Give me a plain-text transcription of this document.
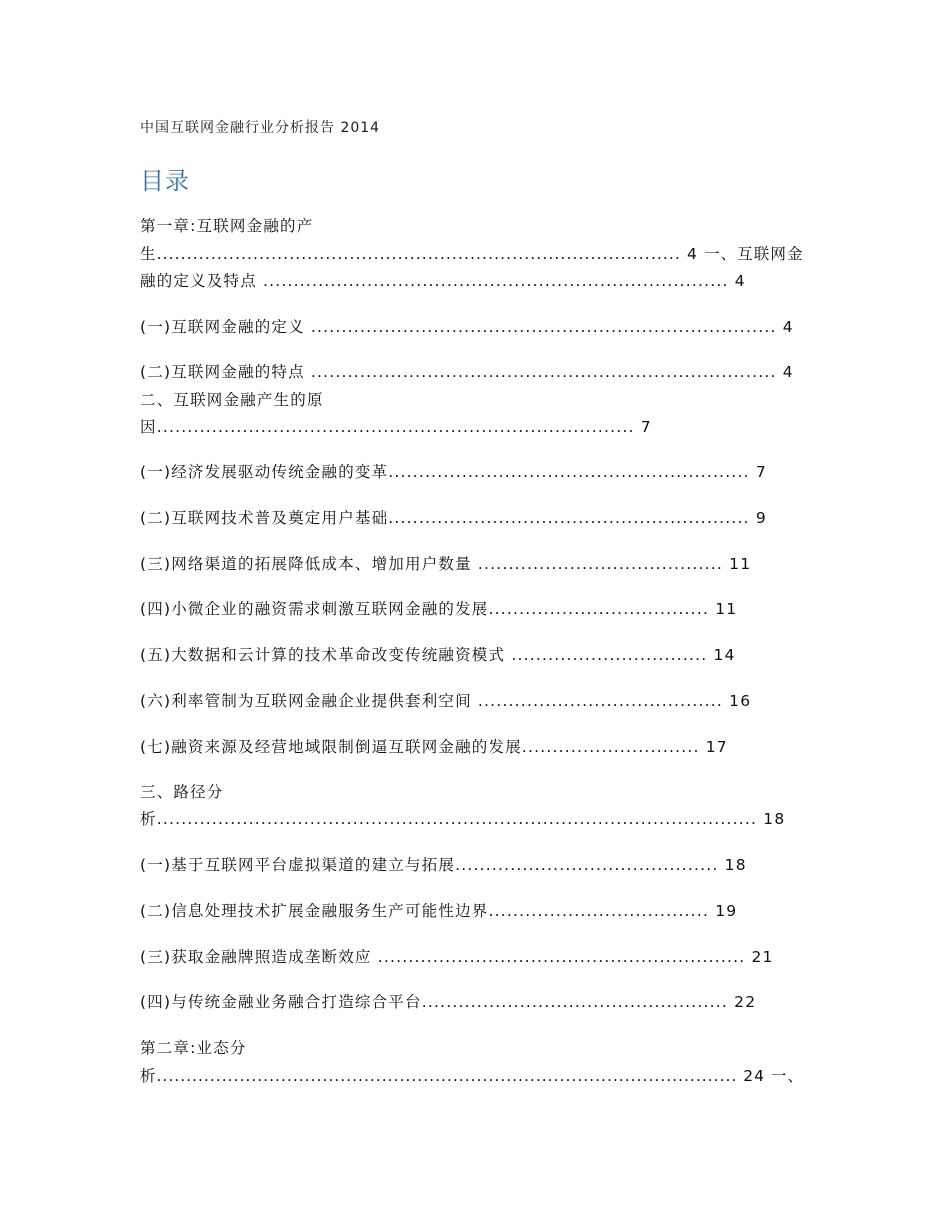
中国互联网金融行业分析报告 2014
目录
第一章:互联网金融的产
生....................................................................................... 4 一、互联网金
融的定义及特点 ............................................................................ 4
(一)互联网金融的定义 ............................................................................ 4
(二)互联网金融的特点 ............................................................................ 4
二、互联网金融产生的原
因.............................................................................. 7
(一)经济发展驱动传统金融的变革........................................................... 7
(二)互联网技术普及奠定用户基础........................................................... 9
(三)网络渠道的拓展降低成本、增加用户数量 ........................................ 11
(四)小微企业的融资需求刺激互联网金融的发展.................................... 11
(五)大数据和云计算的技术革命改变传统融资模式 ................................ 14
(六)利率管制为互联网金融企业提供套利空间 ........................................ 16
(七)融资来源及经营地域限制倒逼互联网金融的发展............................. 17
三、路径分
析.................................................................................................. 18
(一)基于互联网平台虚拟渠道的建立与拓展........................................... 18
(二)信息处理技术扩展金融服务生产可能性边界.................................... 19
(三)获取金融牌照造成垄断效应 ............................................................ 21
(四)与传统金融业务融合打造综合平台.................................................. 22
第二章:业态分
析.................................................................................................. 24 一、
